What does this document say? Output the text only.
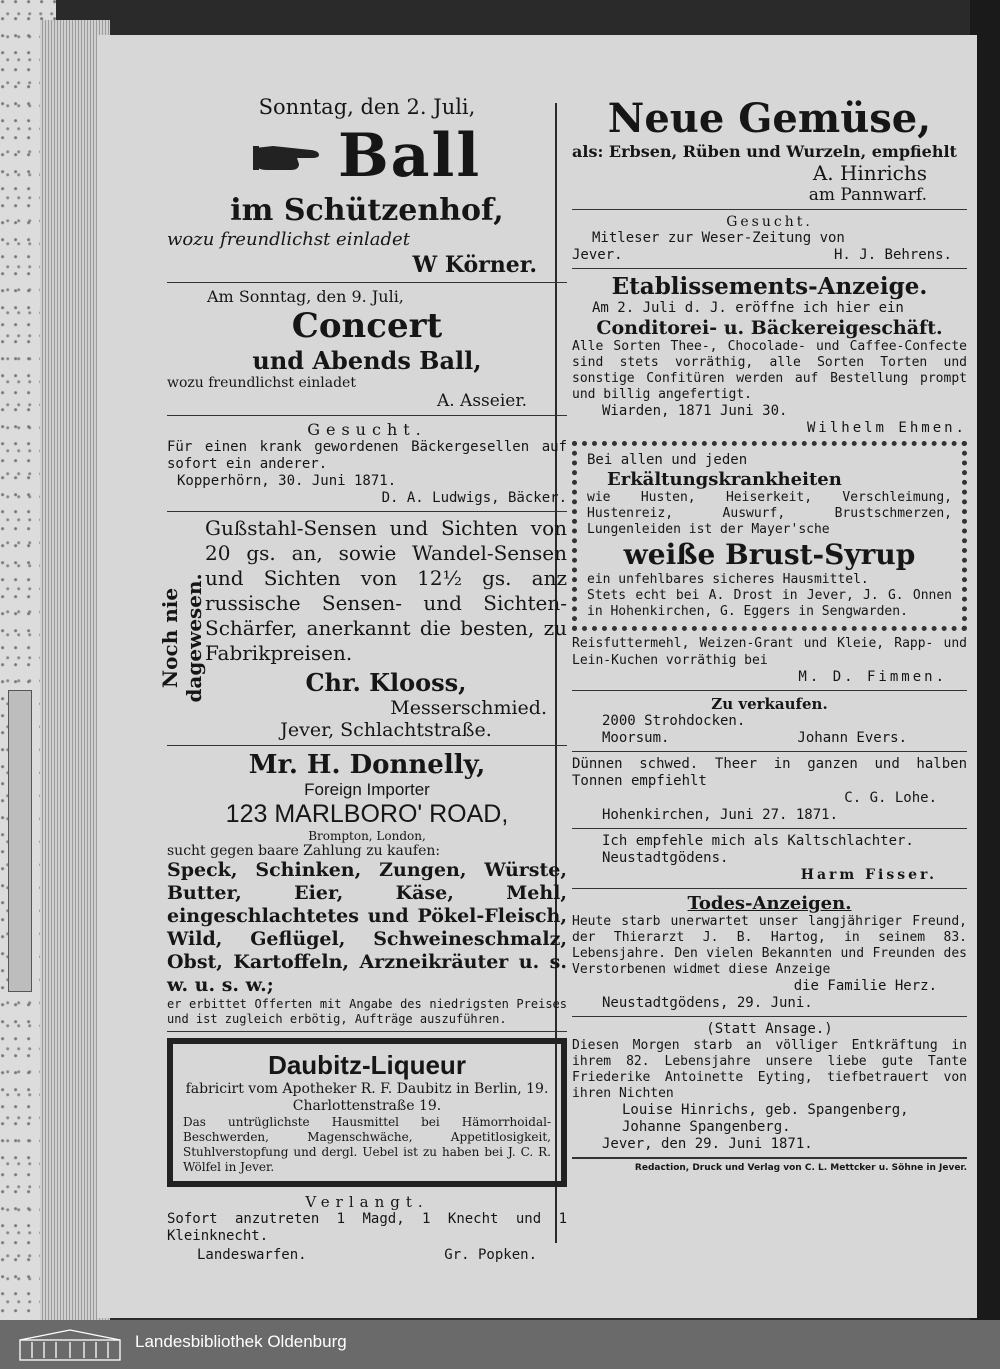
Sonntag, den 2. Juli,
Ball
im Schützenhof,
wozu freundlichst einladet
W Körner.
Am Sonntag, den 9. Juli,
Concert
und Abends Ball,
wozu freundlichst einladet
A. Asseier.
Gesucht.
Für einen krank gewordenen Bäckergesellen auf sofort ein anderer.
Kopperhörn, 30. Juni 1871.
D. A. Ludwigs, Bäcker.
Noch nie dagewesen.
Gußstahl-Sensen und Sichten von 20 gs. an, sowie Wandel-Sensen und Sichten von 12½ gs. anz russische Sensen- und Sichten-Schärfer, anerkannt die besten, zu Fabrikpreisen.
Chr. Klooss,
Messerschmied.
Jever, Schlachtstraße.
Mr. H. Donnelly,
Foreign Importer
123 MARLBORO' ROAD,
Brompton, London,
sucht gegen baare Zahlung zu kaufen:
Speck, Schinken, Zungen, Würste, Butter, Eier, Käse, Mehl, eingeschlachtetes und Pökel-Fleisch, Wild, Geflügel, Schweineschmalz, Obst, Kartoffeln, Arzneikräuter u. s. w. u. s. w.;
er erbittet Offerten mit Angabe des niedrigsten Preises und ist zugleich erbötig, Aufträge auszuführen.
Daubitz-Liqueur
fabricirt vom Apotheker R. F. Daubitz in Berlin, 19. Charlottenstraße 19.
Das untrüglichste Hausmittel bei Hämorrhoidal-Beschwerden, Magenschwäche, Appetitlosigkeit, Stuhlverstopfung und dergl. Uebel ist zu haben bei J. C. R. Wölfel in Jever.
Verlangt.
Sofort anzutreten 1 Magd, 1 Knecht und 1 Kleinknecht.
Landeswarfen.	Gr. Popken.
Neue Gemüse,
als: Erbsen, Rüben und Wurzeln, empfiehlt
A. Hinrichs
am Pannwarf.
Gesucht.
Mitleser zur Weser-Zeitung von
Jever.	H. J. Behrens.
Etablissements-Anzeige.
Am 2. Juli d. J. eröffne ich hier ein
Conditorei- u. Bäckereigeschäft.
Alle Sorten Thee-, Chocolade- und Caffee-Confecte sind stets vorräthig, alle Sorten Torten und sonstige Confitüren werden auf Bestellung prompt und billig angefertigt.
Wiarden, 1871 Juni 30.
Wilhelm Ehmen.
Bei allen und jeden
Erkältungskrankheiten
wie Husten, Heiserkeit, Verschleimung, Hustenreiz, Auswurf, Brustschmerzen, Lungenleiden ist der Mayer'sche
weiße Brust-Syrup
ein unfehlbares sicheres Hausmittel.
Stets echt bei A. Drost in Jever, J. G. Onnen in Hohenkirchen, G. Eggers in Sengwarden.
Reisfuttermehl, Weizen-Grant und Kleie, Rapp- und Lein-Kuchen vorräthig bei
M. D. Fimmen.
Zu verkaufen.
2000 Strohdocken.
Moorsum.	Johann Evers.
Dünnen schwed. Theer in ganzen und halben Tonnen empfiehlt
C. G. Lohe.
Hohenkirchen, Juni 27. 1871.
Ich empfehle mich als Kaltschlachter.
Neustadtgödens.
Harm Fisser.
Todes-Anzeigen.
Heute starb unerwartet unser langjähriger Freund, der Thierarzt J. B. Hartog, in seinem 83. Lebensjahre. Den vielen Bekannten und Freunden des Verstorbenen widmet diese Anzeige
die Familie Herz.
Neustadtgödens, 29. Juni.
(Statt Ansage.)
Diesen Morgen starb an völliger Entkräftung in ihrem 82. Lebensjahre unsere liebe gute Tante Friederike Antoinette Eyting, tiefbetrauert von ihren Nichten
Louise Hinrichs, geb. Spangenberg,
Johanne Spangenberg.
Jever, den 29. Juni 1871.
Redaction, Druck und Verlag von C. L. Mettcker u. Söhne in Jever.
Landesbibliothek Oldenburg
